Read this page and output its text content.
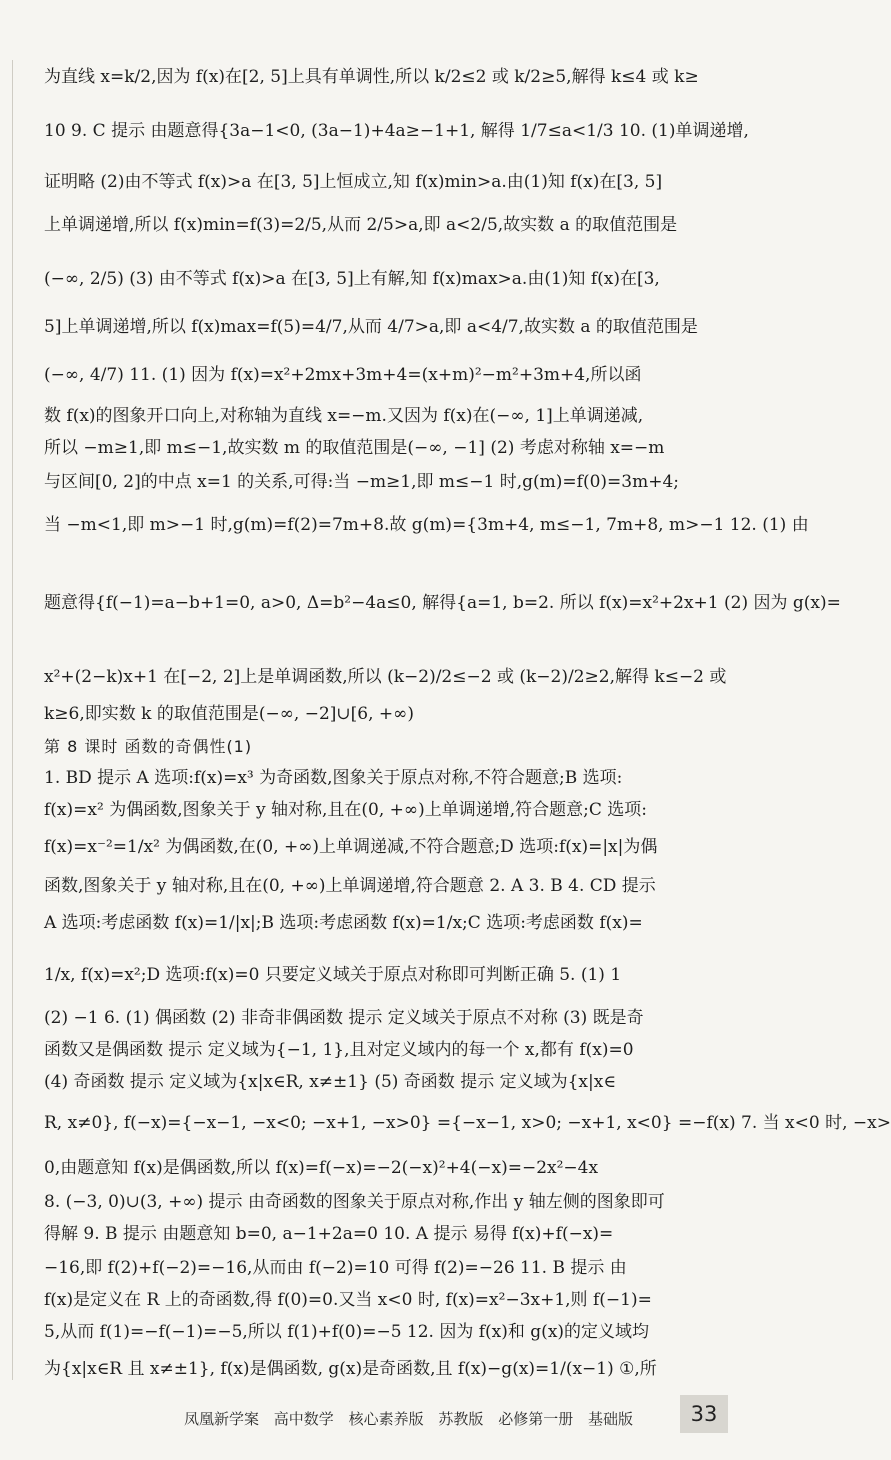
为直线 x=k/2,因为 f(x)在[2, 5]上具有单调性,所以 k/2≤2 或 k/2≥5,解得 k≤4 或 k≥
10 9. C 提示 由题意得{3a−1<0, (3a−1)+4a≥−1+1, 解得 1/7≤a<1/3 10. (1)单调递增,
证明略 (2)由不等式 f(x)>a 在[3, 5]上恒成立,知 f(x)min>a.由(1)知 f(x)在[3, 5]
上单调递增,所以 f(x)min=f(3)=2/5,从而 2/5>a,即 a<2/5,故实数 a 的取值范围是
(−∞, 2/5) (3) 由不等式 f(x)>a 在[3, 5]上有解,知 f(x)max>a.由(1)知 f(x)在[3,
5]上单调递增,所以 f(x)max=f(5)=4/7,从而 4/7>a,即 a<4/7,故实数 a 的取值范围是
(−∞, 4/7) 11. (1) 因为 f(x)=x²+2mx+3m+4=(x+m)²−m²+3m+4,所以函
数 f(x)的图象开口向上,对称轴为直线 x=−m.又因为 f(x)在(−∞, 1]上单调递减,
所以 −m≥1,即 m≤−1,故实数 m 的取值范围是(−∞, −1] (2) 考虑对称轴 x=−m
与区间[0, 2]的中点 x=1 的关系,可得:当 −m≥1,即 m≤−1 时,g(m)=f(0)=3m+4;
当 −m<1,即 m>−1 时,g(m)=f(2)=7m+8.故 g(m)={3m+4, m≤−1, 7m+8, m>−1 12. (1) 由
题意得{f(−1)=a−b+1=0, a>0, Δ=b²−4a≤0, 解得{a=1, b=2. 所以 f(x)=x²+2x+1 (2) 因为 g(x)=
x²+(2−k)x+1 在[−2, 2]上是单调函数,所以 (k−2)/2≤−2 或 (k−2)/2≥2,解得 k≤−2 或
k≥6,即实数 k 的取值范围是(−∞, −2]∪[6, +∞)
第 8 课时 函数的奇偶性(1)
1. BD 提示 A 选项:f(x)=x³ 为奇函数,图象关于原点对称,不符合题意;B 选项:
f(x)=x² 为偶函数,图象关于 y 轴对称,且在(0, +∞)上单调递增,符合题意;C 选项:
f(x)=x⁻²=1/x² 为偶函数,在(0, +∞)上单调递减,不符合题意;D 选项:f(x)=|x|为偶
函数,图象关于 y 轴对称,且在(0, +∞)上单调递增,符合题意 2. A 3. B 4. CD 提示
A 选项:考虑函数 f(x)=1/|x|;B 选项:考虑函数 f(x)=1/x;C 选项:考虑函数 f(x)=
1/x, f(x)=x²;D 选项:f(x)=0 只要定义域关于原点对称即可判断正确 5. (1) 1
(2) −1 6. (1) 偶函数 (2) 非奇非偶函数 提示 定义域关于原点不对称 (3) 既是奇
函数又是偶函数 提示 定义域为{−1, 1},且对定义域内的每一个 x,都有 f(x)=0
(4) 奇函数 提示 定义域为{x|x∈R, x≠±1} (5) 奇函数 提示 定义域为{x|x∈
R, x≠0}, f(−x)={−x−1, −x<0; −x+1, −x>0} ={−x−1, x>0; −x+1, x<0} =−f(x) 7. 当 x<0 时, −x>
0,由题意知 f(x)是偶函数,所以 f(x)=f(−x)=−2(−x)²+4(−x)=−2x²−4x
8. (−3, 0)∪(3, +∞) 提示 由奇函数的图象关于原点对称,作出 y 轴左侧的图象即可
得解 9. B 提示 由题意知 b=0, a−1+2a=0 10. A 提示 易得 f(x)+f(−x)=
−16,即 f(2)+f(−2)=−16,从而由 f(−2)=10 可得 f(2)=−26 11. B 提示 由
f(x)是定义在 R 上的奇函数,得 f(0)=0.又当 x<0 时, f(x)=x²−3x+1,则 f(−1)=
5,从而 f(1)=−f(−1)=−5,所以 f(1)+f(0)=−5 12. 因为 f(x)和 g(x)的定义域均
为{x|x∈R 且 x≠±1}, f(x)是偶函数, g(x)是奇函数,且 f(x)−g(x)=1/(x−1) ①,所
凤凰新学案 高中数学 核心素养版 苏教版 必修第一册 基础版	33
